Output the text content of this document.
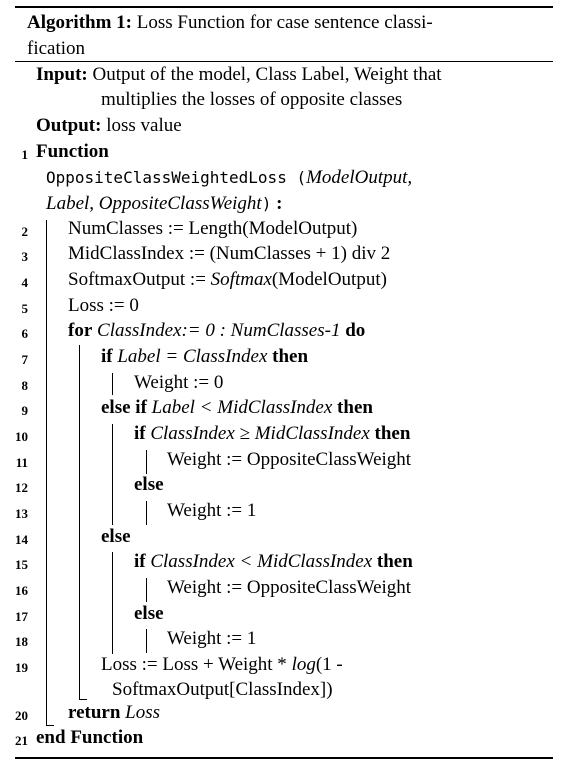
Algorithm 1: Loss Function for case sentence classi-
fication
Input: Output of the model, Class Label, Weight that
multiplies the losses of opposite classes
Output: loss value
1
2
3
4
5
6
7
8
9
10
11
12
13
14
15
16
17
18
19
20
21
Function
OppositeClassWeightedLoss (ModelOutput,
Label, OppositeClassWeight) :
NumClasses := Length(ModelOutput)
MidClassIndex := (NumClasses + 1) div 2
SoftmaxOutput := Softmax(ModelOutput)
Loss := 0
for ClassIndex:= 0 : NumClasses-1 do
if Label = ClassIndex then
Weight := 0
else if Label < MidClassIndex then
if ClassIndex ≥ MidClassIndex then
Weight := OppositeClassWeight
else
Weight := 1
else
if ClassIndex < MidClassIndex then
Weight := OppositeClassWeight
else
Weight := 1
Loss := Loss + Weight * log(1 -
SoftmaxOutput[ClassIndex])
return Loss
end Function
